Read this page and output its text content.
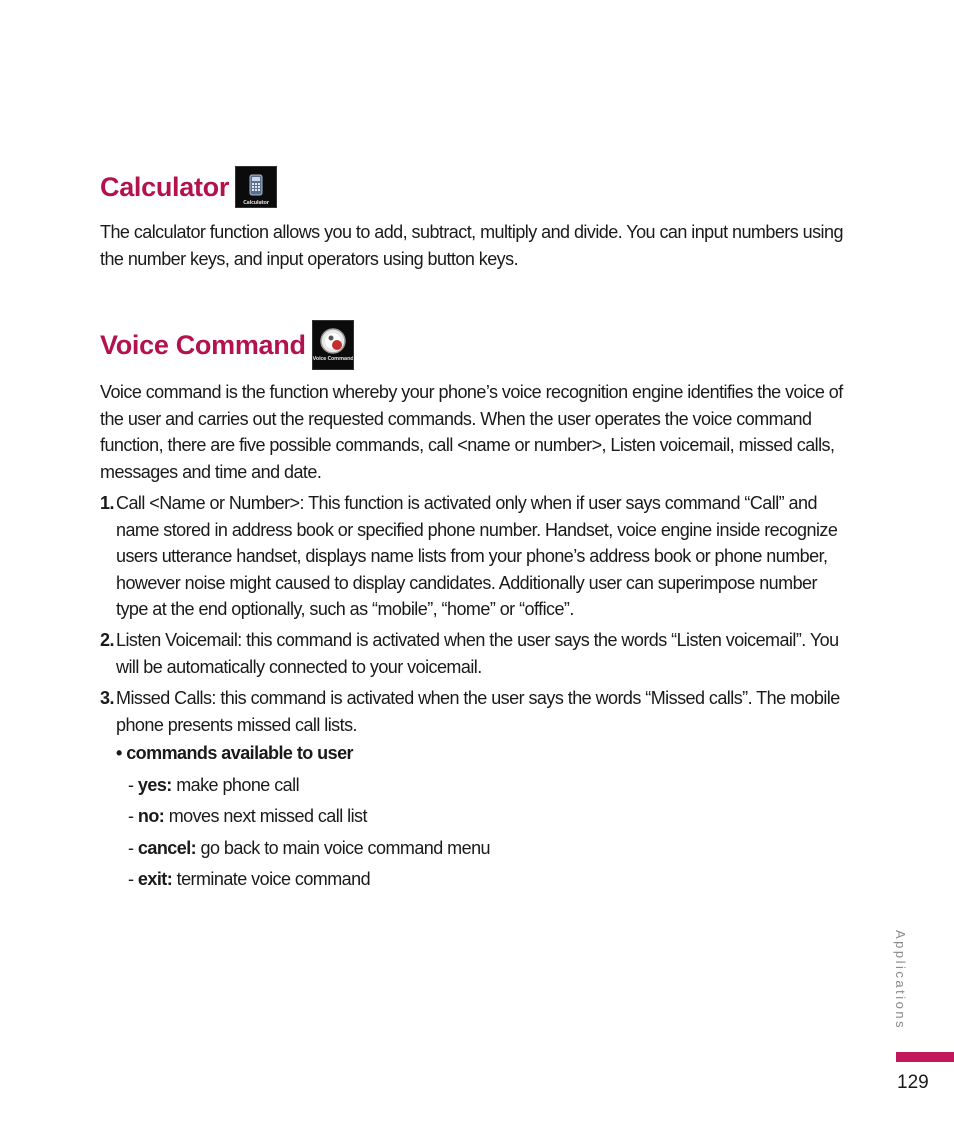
Calculator
Calculator

The calculator function allows you to add, subtract, multiply and divide. You can input numbers using the number keys, and input operators using button keys.

Voice Command Voice Command

Voice command is the function whereby your phone’s voice recognition engine identifies the voice of the user and carries out the requested commands. When the user operates the voice command function, there are five possible commands, call <name or number>, Listen voicemail, missed calls, messages and time and date.

1. Call <Name or Number>: This function is activated only when if user says command “Call” and name stored in address book or specified phone number. Handset, voice engine inside recognize users utterance handset, displays name lists from your phone’s address book or phone number, however noise might caused to display candidates. Additionally user can superimpose number type at the end optionally, such as “mobile”, “home” or “office”.
2. Listen Voicemail: this command is activated when the user says the words “Listen voicemail”. You will be automatically connected to your voicemail.
3. Missed Calls: this command is activated when the user says the words “Missed calls”. The mobile phone presents missed call lists.
• commands available to user
- yes: make phone call
- no: moves next missed call list
- cancel: go back to main voice command menu
- exit: terminate voice command
Applications
129
